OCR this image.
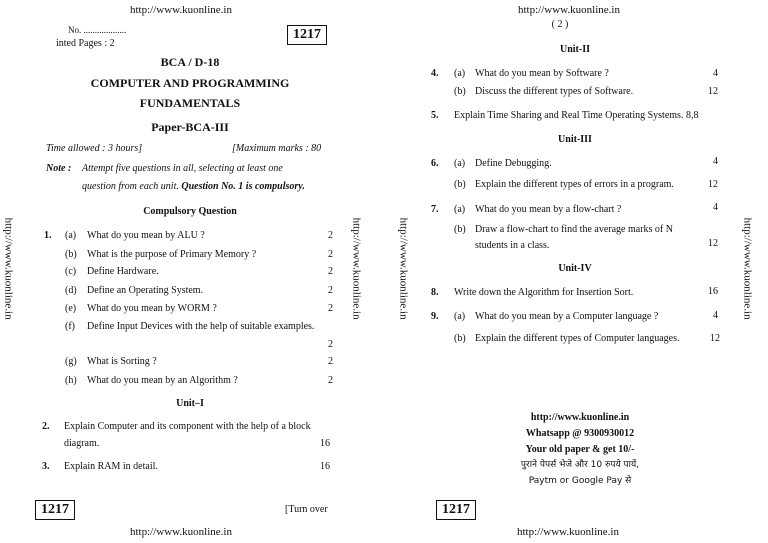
http://www.kuonline.in	http://www.kuonline.in
http://www.kuonline.in	http://www.kuonline.in
http://www.kuonline.in	http://www.kuonline.in	http://www.kuonline.in	http://www.kuonline.in
No. ...................
inted Pages : 2
1217
BCA / D-18
COMPUTER AND PROGRAMMING
FUNDAMENTALS
Paper-BCA-III
Time allowed : 3 hours]	[Maximum marks : 80
Note : Attempt five questions in all, selecting at least one
question from each unit. Question No. 1 is compulsory.
Compulsory Question
1. (a) What do you mean by ALU ?	2
(b) What is the purpose of Primary Memory ?	2
(c) Define Hardware.	2
(d) Define an Operating System.	2
(e) What do you mean by WORM ?	2
(f) Define Input Devices with the help of suitable examples.
2
(g) What is Sorting ?	2
(h) What do you mean by an Algorithm ?	2
Unit–I
2. Explain Computer and its component with the help of a block
diagram.	16
3. Explain RAM in detail.	16
1217	[Turn over
( 2 )
Unit-II
4. (a) What do you mean by Software ?	4
(b) Discuss the different types of Software.	12
5. Explain Time Sharing and Real Time Operating Systems. 8,8
Unit-III
6. (a) Define Debugging.	4
(b) Explain the different types of errors in a program.	12
7. (a) What do you mean by a flow-chart ?	4
(b) Draw a flow-chart to find the average marks of N
students in a class.	12
Unit-IV
8. Write down the Algorithm for Insertion Sort.	16
9. (a) What do you mean by a Computer language ?	4
(b) Explain the different types of Computer languages.	12
http://www.kuonline.in
Whatsapp @ 9300930012
Your old paper & get 10/-
पुराने पेपर्स भेजे और 10 रुपये पायें,
Paytm or Google Pay से
1217
